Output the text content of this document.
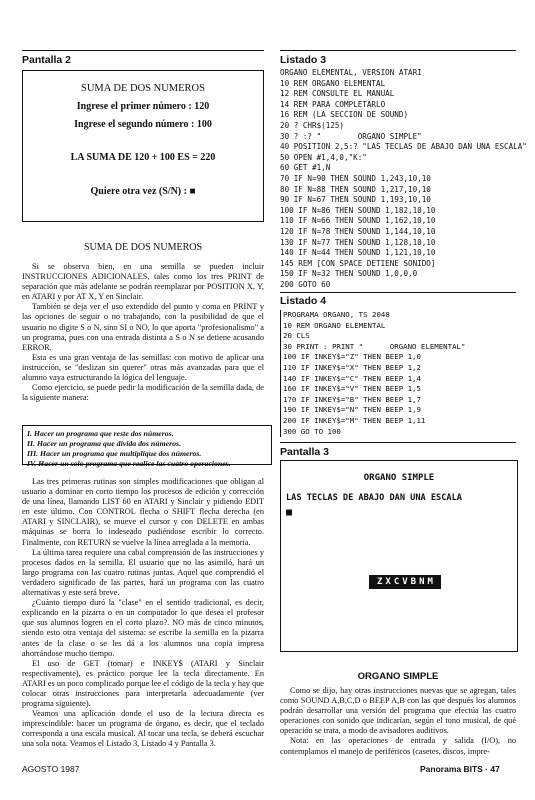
Pantalla 2
SUMA DE DOS NUMEROS
Ingrese el primer número : 120
Ingrese el segundo número : 100
LA SUMA DE 120 + 100 ES = 220
Quiere otra vez (S/N) : ■
SUMA DE DOS NUMEROS

Si se observa bien, en una semilla se pueden incluir INSTRUCCIONES ADICIONALES, tales como los tres PRINT de separación que más adelante se podrán reemplazar por POSITION X, Y, en ATARI y por AT X, Y en Sinclair.

También se deja ver el uso extendido del punto y coma en PRINT y las opciones de seguir o no trabajando, con la posibilidad de que el usuario no digite S o N, sino SI o NO, lo que aporta "profesionalismo" a un programa, pues con una entrada distinta a S o N se detiene acusando ERROR.

Esta es una gran ventaja de las semillas: con motivo de aplicar una instrucción, se "deslizan sin querer" otras más avanzadas para que el alumno vaya estructurando la lógica del lenguaje.

Como ejercicio, se puede pedir la modificación de la semilla dada, de la siguiente manera:

I. Hacer un programa que reste dos números.
II. Hacer un programa que divida dos números.
III. Hacer un programa que multiplique dos números.
IV. Hacer un solo programa que realice las cuatro operaciones.

Las tres primeras rutinas son simples modificaciones que obligan al usuario a dominar en corto tiempo los procesos de edición y corrección de una línea, llamando LIST 60 en ATARI y Sinclair y pidiendo EDIT en este último. Con CONTROL flecha o SHIFT flecha derecha (en ATARI y SINCLAIR), se mueve el cursor y con DELETE en ambas máquinas se borra lo indeseado pudiéndose escribir lo correcto. Finalmente, con RETURN se vuelve la línea arreglada a la memoria.

La última tarea requiere una cabal comprensión de las instrucciones y procesos dados en la semilla. El usuario que no las asimiló, hará un largo programa con las cuatro rutinas juntas. Aquel que comprendió el verdadero significado de las partes, hará un programa con las cuatro alternativas y este será breve.

¿Cuánto tiempo duró la "clase" en el sentido tradicional, es decir, explicando en la pizarra o en un computador lo que desea el profesor que sus alumnos logren en el corto plazo?. NO más de cinco minutos, siendo esto otra ventaja del sistema: se escribe la semilla en la pizarra antes de la clase o se les dá a los alumnos una copia impresa ahorrándose mucho tiempo.

El uso de GET (tomar) e INKEY$ (ATARI y Sinclair respectivamente), es práctico porque lee la tecla directamente. En ATARI es un poco complicado porque lee el código de la tecla y hay que colocar otras instrucciones para interpretarla adecuadamente (ver programa siguiente).

Veamos una aplicación donde el uso de la lectura directa es imprescindible: hacer un programa de órgano, es decir, que el teclado corresponda a una escala musical. Al tocar una tecla, se deberá escuchar una sola nota. Veamos el Listado 3, Listado 4 y Pantalla 3.

Listado 3
ORGANO ELEMENTAL, VERSION ATARI
10 REM ORGANO ELEMENTAL
12 REM CONSULTE EL MANUAL
14 REM PARA COMPLETARLO
16 REM (LA SECCION DE SOUND)
20 ? CHR$(125)
30 ? :? "        ORGANO SIMPLE"
40 POSITION 2,5:? "LAS TECLAS DE ABAJO DAN UNA ESCALA"
50 OPEN #1,4,0,"K:"
60 GET #1,N
70 IF N=90 THEN SOUND 1,243,10,10
80 IF N=88 THEN SOUND 1,217,10,10
90 IF N=67 THEN SOUND 1,193,10,10
100 IF N=86 THEN SOUND 1,182,10,10
110 IF N=66 THEN SOUND 1,162,10,10
120 IF N=78 THEN SOUND 1,144,10,10
130 IF N=77 THEN SOUND 1,128,10,10
140 IF N=44 THEN SOUND 1,121,10,10
145 REM [CON SPACE DETIENE SONIDO]
150 IF N=32 THEN SOUND 1,0,0,0
200 GOTO 60
Listado 4
PROGRAMA ORGANO, TS 2048
10 REM ORGANO ELEMENTAL
20 CLS
30 PRINT : PRINT "      ORGANO ELEMENTAL"
100 IF INKEY$="Z" THEN BEEP 1,0
110 IF INKEY$="X" THEN BEEP 1,2
140 IF INKEY$="C" THEN BEEP 1,4
160 IF INKEY$="V" THEN BEEP 1,5
170 IF INKEY$="B" THEN BEEP 1,7
190 IF INKEY$="N" THEN BEEP 1,9
200 IF INKEY$="M" THEN BEEP 1,11
300 GO TO 100
Pantalla 3
ORGANO SIMPLE
LAS TECLAS DE ABAJO DAN UNA ESCALA
■
ZXCVBNM
ORGANO SIMPLE

Como se dijo, hay otras instrucciones nuevas que se agregan, tales como SOUND A,B,C,D o BEEP A,B con las que después los alumnos podrán desarrollar una versión del programa que efectúa las cuatro operaciones con sonido que indicarían, según el tono musical, de qué operación se trata, a modo de avisadores auditivos.

Nota: en las operaciones de entrada y salida (I/O), no contemplamos el manejo de periféricos (casetes, discos, impre-

AGOSTO 1987	Panorama BITS · 47
